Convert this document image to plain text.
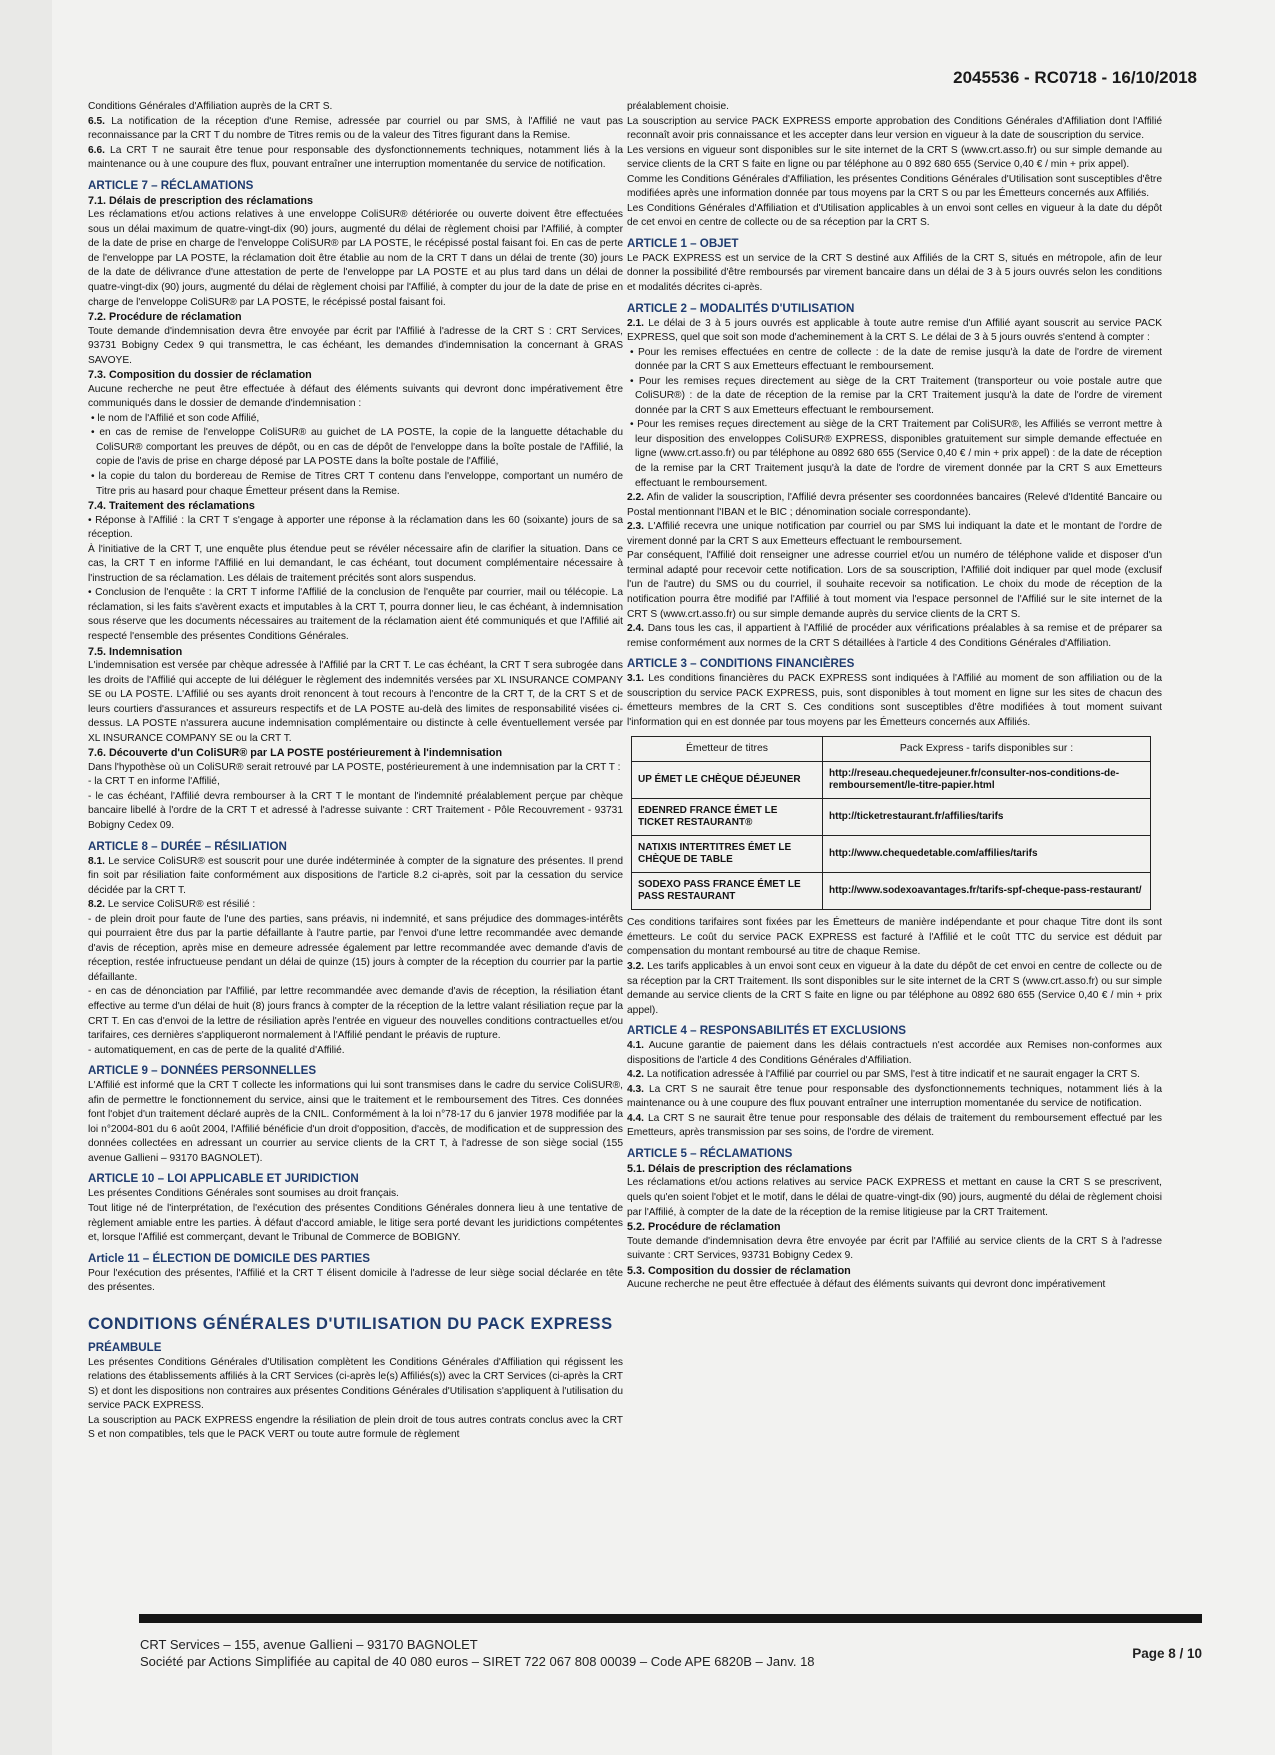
2045536 - RC0718 - 16/10/2018

Conditions Générales d'Affiliation auprès de la CRT S.

6.5. La notification de la réception d'une Remise, adressée par courriel ou par SMS, à l'Affilié ne vaut pas reconnaissance par la CRT T du nombre de Titres remis ou de la valeur des Titres figurant dans la Remise.

6.6. La CRT T ne saurait être tenue pour responsable des dysfonctionnements techniques, notamment liés à la maintenance ou à une coupure des flux, pouvant entraîner une interruption momentanée du service de notification.

ARTICLE 7 – RÉCLAMATIONS

7.1. Délais de prescription des réclamations

Les réclamations et/ou actions relatives à une enveloppe ColiSUR® détériorée ou ouverte doivent être effectuées sous un délai maximum de quatre-vingt-dix (90) jours, augmenté du délai de règlement choisi par l'Affilié, à compter de la date de prise en charge de l'enveloppe ColiSUR® par LA POSTE, le récépissé postal faisant foi. En cas de perte de l'enveloppe par LA POSTE, la réclamation doit être établie au nom de la CRT T dans un délai de trente (30) jours de la date de délivrance d'une attestation de perte de l'enveloppe par LA POSTE et au plus tard dans un délai de quatre-vingt-dix (90) jours, augmenté du délai de règlement choisi par l'Affilié, à compter du jour de la date de prise en charge de l'enveloppe ColiSUR® par LA POSTE, le récépissé postal faisant foi.

7.2. Procédure de réclamation

Toute demande d'indemnisation devra être envoyée par écrit par l'Affilié à l'adresse de la CRT S : CRT Services, 93731 Bobigny Cedex 9 qui transmettra, le cas échéant, les demandes d'indemnisation la concernant à GRAS SAVOYE.

7.3. Composition du dossier de réclamation

Aucune recherche ne peut être effectuée à défaut des éléments suivants qui devront donc impérativement être communiqués dans le dossier de demande d'indemnisation :

• le nom de l'Affilié et son code Affilié,

• en cas de remise de l'enveloppe ColiSUR® au guichet de LA POSTE, la copie de la languette détachable du ColiSUR® comportant les preuves de dépôt, ou en cas de dépôt de l'enveloppe dans la boîte postale de l'Affilié, la copie de l'avis de prise en charge déposé par LA POSTE dans la boîte postale de l'Affilié,

• la copie du talon du bordereau de Remise de Titres CRT T contenu dans l'enveloppe, comportant un numéro de Titre pris au hasard pour chaque Émetteur présent dans la Remise.

7.4. Traitement des réclamations

• Réponse à l'Affilié : la CRT T s'engage à apporter une réponse à la réclamation dans les 60 (soixante) jours de sa réception.

À l'initiative de la CRT T, une enquête plus étendue peut se révéler nécessaire afin de clarifier la situation. Dans ce cas, la CRT T en informe l'Affilié en lui demandant, le cas échéant, tout document complémentaire nécessaire à l'instruction de sa réclamation. Les délais de traitement précités sont alors suspendus.

• Conclusion de l'enquête : la CRT T informe l'Affilié de la conclusion de l'enquête par courrier, mail ou télécopie. La réclamation, si les faits s'avèrent exacts et imputables à la CRT T, pourra donner lieu, le cas échéant, à indemnisation sous réserve que les documents nécessaires au traitement de la réclamation aient été communiqués et que l'Affilié ait respecté l'ensemble des présentes Conditions Générales.

7.5. Indemnisation

L'indemnisation est versée par chèque adressée à l'Affilié par la CRT T. Le cas échéant, la CRT T sera subrogée dans les droits de l'Affilié qui accepte de lui déléguer le règlement des indemnités versées par XL INSURANCE COMPANY SE ou LA POSTE. L'Affilié ou ses ayants droit renoncent à tout recours à l'encontre de la CRT T, de la CRT S et de leurs courtiers d'assurances et assureurs respectifs et de LA POSTE au-delà des limites de responsabilité visées ci-dessus. LA POSTE n'assurera aucune indemnisation complémentaire ou distincte à celle éventuellement versée par XL INSURANCE COMPANY SE ou la CRT T.

7.6. Découverte d'un ColiSUR® par LA POSTE postérieurement à l'indemnisation

Dans l'hypothèse où un ColiSUR® serait retrouvé par LA POSTE, postérieurement à une indemnisation par la CRT T :

- la CRT T en informe l'Affilié,

- le cas échéant, l'Affilié devra rembourser à la CRT T le montant de l'indemnité préalablement perçue par chèque bancaire libellé à l'ordre de la CRT T et adressé à l'adresse suivante : CRT Traitement - Pôle Recouvrement - 93731 Bobigny Cedex 09.

ARTICLE 8 – DURÉE – RÉSILIATION

8.1. Le service ColiSUR® est souscrit pour une durée indéterminée à compter de la signature des présentes. Il prend fin soit par résiliation faite conformément aux dispositions de l'article 8.2 ci-après, soit par la cessation du service décidée par la CRT T.

8.2. Le service ColiSUR® est résilié :

- de plein droit pour faute de l'une des parties, sans préavis, ni indemnité, et sans préjudice des dommages-intérêts qui pourraient être dus par la partie défaillante à l'autre partie, par l'envoi d'une lettre recommandée avec demande d'avis de réception, après mise en demeure adressée également par lettre recommandée avec demande d'avis de réception, restée infructueuse pendant un délai de quinze (15) jours à compter de la réception du courrier par la partie défaillante.

- en cas de dénonciation par l'Affilié, par lettre recommandée avec demande d'avis de réception, la résiliation étant effective au terme d'un délai de huit (8) jours francs à compter de la réception de la lettre valant résiliation reçue par la CRT T. En cas d'envoi de la lettre de résiliation après l'entrée en vigueur des nouvelles conditions contractuelles et/ou tarifaires, ces dernières s'appliqueront normalement à l'Affilié pendant le préavis de rupture.

- automatiquement, en cas de perte de la qualité d'Affilié.

ARTICLE 9 – DONNÉES PERSONNELLES

L'Affilié est informé que la CRT T collecte les informations qui lui sont transmises dans le cadre du service ColiSUR®, afin de permettre le fonctionnement du service, ainsi que le traitement et le remboursement des Titres. Ces données font l'objet d'un traitement déclaré auprès de la CNIL. Conformément à la loi n°78-17 du 6 janvier 1978 modifiée par la loi n°2004-801 du 6 août 2004, l'Affilié bénéficie d'un droit d'opposition, d'accès, de modification et de suppression des données collectées en adressant un courrier au service clients de la CRT T, à l'adresse de son siège social (155 avenue Gallieni – 93170 BAGNOLET).

ARTICLE 10 – LOI APPLICABLE ET JURIDICTION

Les présentes Conditions Générales sont soumises au droit français.

Tout litige né de l'interprétation, de l'exécution des présentes Conditions Générales donnera lieu à une tentative de règlement amiable entre les parties. À défaut d'accord amiable, le litige sera porté devant les juridictions compétentes et, lorsque l'Affilié est commerçant, devant le Tribunal de Commerce de BOBIGNY.

Article 11 – ÉLECTION DE DOMICILE DES PARTIES

Pour l'exécution des présentes, l'Affilié et la CRT T élisent domicile à l'adresse de leur siège social déclarée en tête des présentes.

CONDITIONS GÉNÉRALES D'UTILISATION DU PACK EXPRESS

PRÉAMBULE

Les présentes Conditions Générales d'Utilisation complètent les Conditions Générales d'Affiliation qui régissent les relations des établissements affiliés à la CRT Services (ci-après le(s) Affiliés(s)) avec la CRT Services (ci-après la CRT S) et dont les dispositions non contraires aux présentes Conditions Générales d'Utilisation s'appliquent à l'utilisation du service PACK EXPRESS.

La souscription au PACK EXPRESS engendre la résiliation de plein droit de tous autres contrats conclus avec la CRT S et non compatibles, tels que le PACK VERT ou toute autre formule de règlement

préalablement choisie.

La souscription au service PACK EXPRESS emporte approbation des Conditions Générales d'Affiliation dont l'Affilié reconnaît avoir pris connaissance et les accepter dans leur version en vigueur à la date de souscription du service.

Les versions en vigueur sont disponibles sur le site internet de la CRT S (www.crt.asso.fr) ou sur simple demande au service clients de la CRT S faite en ligne ou par téléphone au 0 892 680 655 (Service 0,40 € / min + prix appel).

Comme les Conditions Générales d'Affiliation, les présentes Conditions Générales d'Utilisation sont susceptibles d'être modifiées après une information donnée par tous moyens par la CRT S ou par les Émetteurs concernés aux Affiliés.

Les Conditions Générales d'Affiliation et d'Utilisation applicables à un envoi sont celles en vigueur à la date du dépôt de cet envoi en centre de collecte ou de sa réception par la CRT S.

ARTICLE 1 – OBJET

Le PACK EXPRESS est un service de la CRT S destiné aux Affiliés de la CRT S, situés en métropole, afin de leur donner la possibilité d'être remboursés par virement bancaire dans un délai de 3 à 5 jours ouvrés selon les conditions et modalités décrites ci-après.

ARTICLE 2 – MODALITÉS D'UTILISATION

2.1. Le délai de 3 à 5 jours ouvrés est applicable à toute autre remise d'un Affilié ayant souscrit au service PACK EXPRESS, quel que soit son mode d'acheminement à la CRT S. Le délai de 3 à 5 jours ouvrés s'entend à compter :

• Pour les remises effectuées en centre de collecte : de la date de remise jusqu'à la date de l'ordre de virement donnée par la CRT S aux Emetteurs effectuant le remboursement.

• Pour les remises reçues directement au siège de la CRT Traitement (transporteur ou voie postale autre que ColiSUR®) : de la date de réception de la remise par la CRT Traitement jusqu'à la date de l'ordre de virement donnée par la CRT S aux Emetteurs effectuant le remboursement.

• Pour les remises reçues directement au siège de la CRT Traitement par ColiSUR®, les Affiliés se verront mettre à leur disposition des enveloppes ColiSUR® EXPRESS, disponibles gratuitement sur simple demande effectuée en ligne (www.crt.asso.fr) ou par téléphone au 0892 680 655 (Service 0,40 € / min + prix appel) : de la date de réception de la remise par la CRT Traitement jusqu'à la date de l'ordre de virement donnée par la CRT S aux Emetteurs effectuant le remboursement.

2.2. Afin de valider la souscription, l'Affilié devra présenter ses coordonnées bancaires (Relevé d'Identité Bancaire ou Postal mentionnant l'IBAN et le BIC ; dénomination sociale correspondante).

2.3. L'Affilié recevra une unique notification par courriel ou par SMS lui indiquant la date et le montant de l'ordre de virement donné par la CRT S aux Emetteurs effectuant le remboursement.

Par conséquent, l'Affilié doit renseigner une adresse courriel et/ou un numéro de téléphone valide et disposer d'un terminal adapté pour recevoir cette notification. Lors de sa souscription, l'Affilié doit indiquer par quel mode (exclusif l'un de l'autre) du SMS ou du courriel, il souhaite recevoir sa notification. Le choix du mode de réception de la notification pourra être modifié par l'Affilié à tout moment via l'espace personnel de l'Affilié sur le site internet de la CRT S (www.crt.asso.fr) ou sur simple demande auprès du service clients de la CRT S.

2.4. Dans tous les cas, il appartient à l'Affilié de procéder aux vérifications préalables à sa remise et de préparer sa remise conformément aux normes de la CRT S détaillées à l'article 4 des Conditions Générales d'Affiliation.

ARTICLE 3 – CONDITIONS FINANCIÈRES

3.1. Les conditions financières du PACK EXPRESS sont indiquées à l'Affilié au moment de son affiliation ou de la souscription du service PACK EXPRESS, puis, sont disponibles à tout moment en ligne sur les sites de chacun des émetteurs membres de la CRT S. Ces conditions sont susceptibles d'être modifiées à tout moment suivant l'information qui en est donnée par tous moyens par les Émetteurs concernés aux Affiliés.

Émetteur de titres	Pack Express - tarifs disponibles sur :
UP ÉMET LE CHÈQUE DÉJEUNER	http://reseau.chequedejeuner.fr/consulter-nos-conditions-de-remboursement/le-titre-papier.html
EDENRED FRANCE ÉMET LE TICKET RESTAURANT®	http://ticketrestaurant.fr/affilies/tarifs
NATIXIS INTERTITRES ÉMET LE CHÈQUE DE TABLE	http://www.chequedetable.com/affilies/tarifs
SODEXO PASS FRANCE ÉMET LE PASS RESTAURANT	http://www.sodexoavantages.fr/tarifs-spf-cheque-pass-restaurant/

Ces conditions tarifaires sont fixées par les Émetteurs de manière indépendante et pour chaque Titre dont ils sont émetteurs. Le coût du service PACK EXPRESS est facturé à l'Affilié et le coût TTC du service est déduit par compensation du montant remboursé au titre de chaque Remise.

3.2. Les tarifs applicables à un envoi sont ceux en vigueur à la date du dépôt de cet envoi en centre de collecte ou de sa réception par la CRT Traitement. Ils sont disponibles sur le site internet de la CRT S (www.crt.asso.fr) ou sur simple demande au service clients de la CRT S faite en ligne ou par téléphone au 0892 680 655 (Service 0,40 € / min + prix appel).

ARTICLE 4 – RESPONSABILITÉS ET EXCLUSIONS

4.1. Aucune garantie de paiement dans les délais contractuels n'est accordée aux Remises non-conformes aux dispositions de l'article 4 des Conditions Générales d'Affiliation.

4.2. La notification adressée à l'Affilié par courriel ou par SMS, l'est à titre indicatif et ne saurait engager la CRT S.

4.3. La CRT S ne saurait être tenue pour responsable des dysfonctionnements techniques, notamment liés à la maintenance ou à une coupure des flux pouvant entraîner une interruption momentanée du service de notification.

4.4. La CRT S ne saurait être tenue pour responsable des délais de traitement du remboursement effectué par les Emetteurs, après transmission par ses soins, de l'ordre de virement.

ARTICLE 5 – RÉCLAMATIONS

5.1. Délais de prescription des réclamations

Les réclamations et/ou actions relatives au service PACK EXPRESS et mettant en cause la CRT S se prescrivent, quels qu'en soient l'objet et le motif, dans le délai de quatre-vingt-dix (90) jours, augmenté du délai de règlement choisi par l'Affilié, à compter de la date de la réception de la remise litigieuse par la CRT Traitement.

5.2. Procédure de réclamation

Toute demande d'indemnisation devra être envoyée par écrit par l'Affilié au service clients de la CRT S à l'adresse suivante : CRT Services, 93731 Bobigny Cedex 9.

5.3. Composition du dossier de réclamation

Aucune recherche ne peut être effectuée à défaut des éléments suivants qui devront donc impérativement

CRT Services – 155, avenue Gallieni – 93170 BAGNOLET
Société par Actions Simplifiée au capital de 40 080 euros – SIRET 722 067 808 00039 – Code APE 6820B – Janv. 18
Page 8 / 10
